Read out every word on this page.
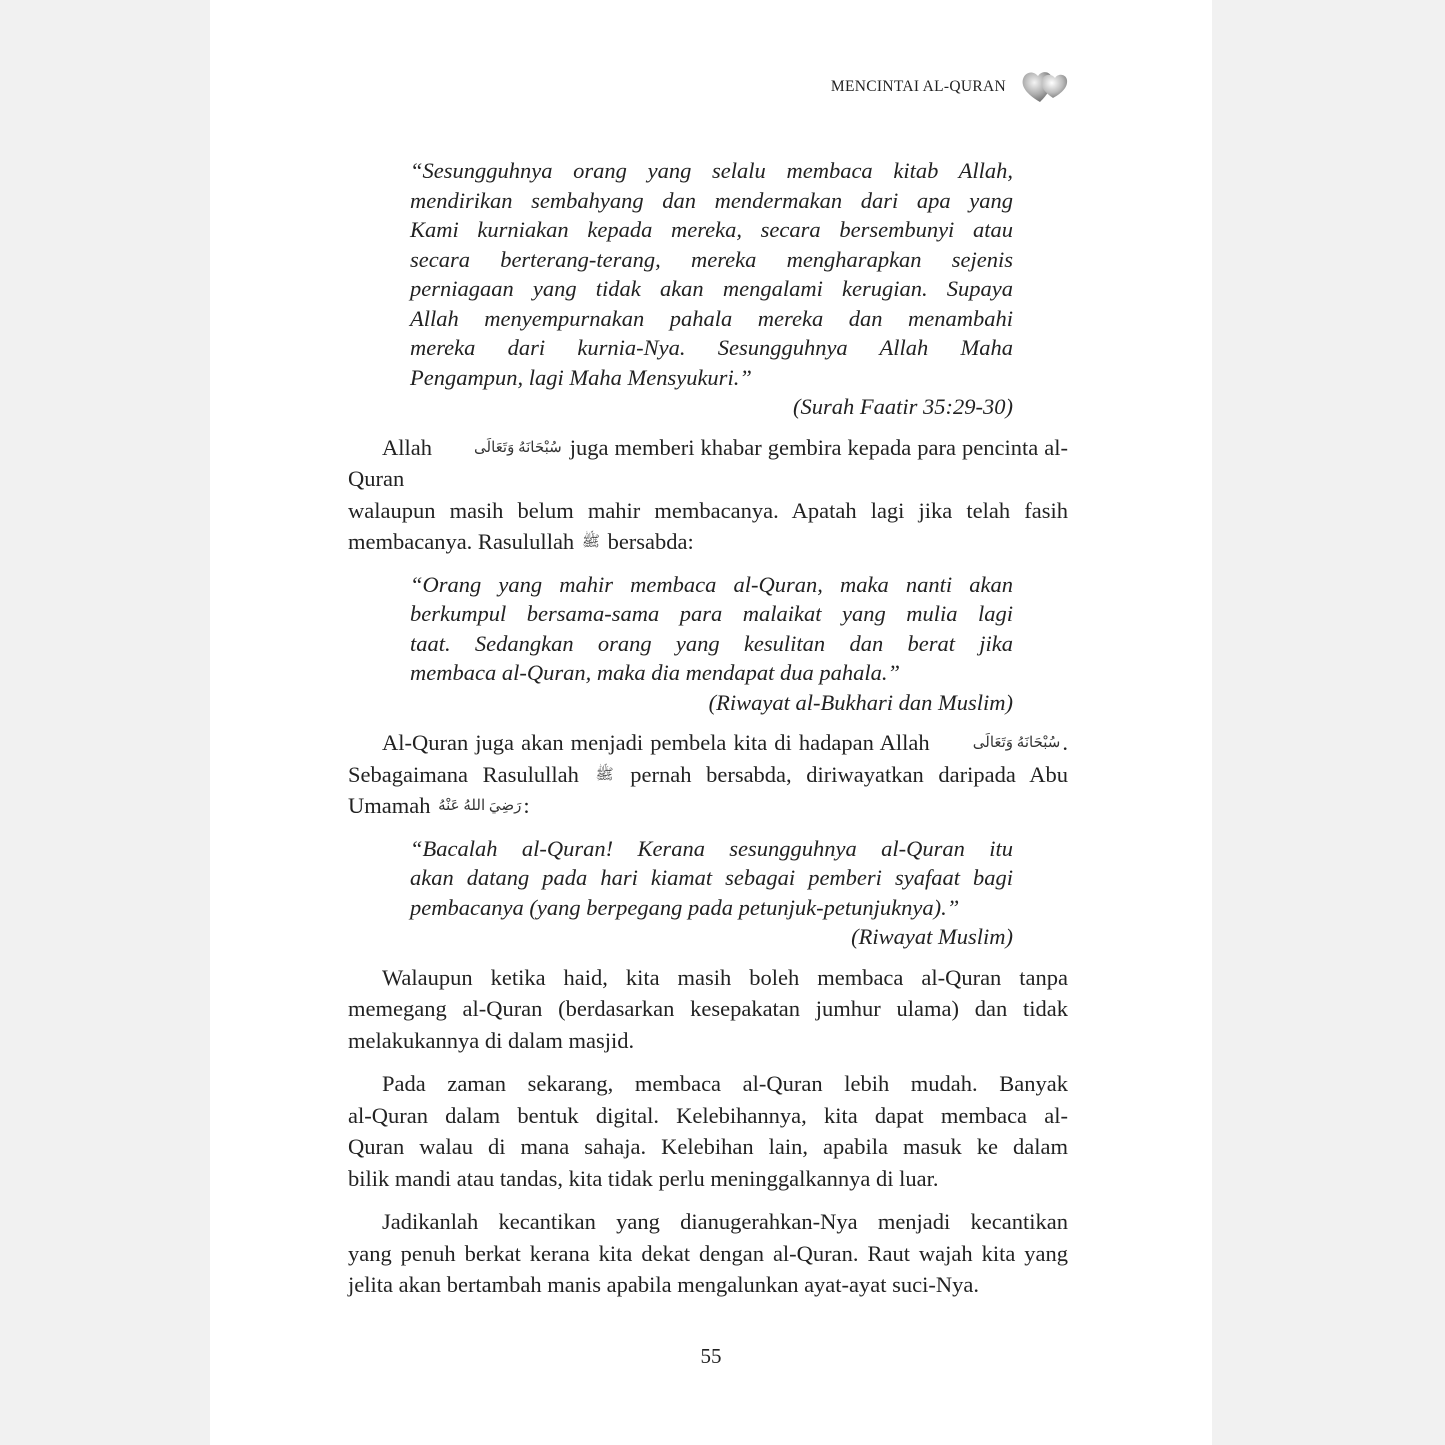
MENCINTAI AL-QURAN
“Sesungguhnya orang yang selalu membaca kitab Allah,
mendirikan sembahyang dan mendermakan dari apa yang
Kami kurniakan kepada mereka, secara bersembunyi atau
secara berterang-terang, mereka mengharapkan sejenis
perniagaan yang tidak akan mengalami kerugian. Supaya
Allah menyempurnakan pahala mereka dan menambahi
mereka dari kurnia-Nya. Sesungguhnya Allah Maha
Pengampun, lagi Maha Mensyukuri.”
(Surah Faatir 35:29-30)
Allah	سُبْحَانَهُ وَتَعَالَى juga memberi khabar gembira kepada para pencinta al-Quran
walaupun masih belum mahir membacanya. Apatah lagi jika telah fasih
membacanya. Rasulullah ﷺ bersabda:
“Orang yang mahir membaca al-Quran, maka nanti akan
berkumpul bersama-sama para malaikat yang mulia lagi
taat. Sedangkan orang yang kesulitan dan berat jika
membaca al-Quran, maka dia mendapat dua pahala.”
(Riwayat al-Bukhari dan Muslim)
Al-Quran juga akan menjadi pembela kita di hadapan Allah	سُبْحَانَهُ وَتَعَالَى.
Sebagaimana Rasulullah ﷺ pernah bersabda, diriwayatkan daripada Abu
Umamah رَضِيَ اللهُ عَنْهُ:
“Bacalah al-Quran! Kerana sesungguhnya al-Quran itu
akan datang pada hari kiamat sebagai pemberi syafaat bagi
pembacanya (yang berpegang pada petunjuk-petunjuknya).”
(Riwayat Muslim)
Walaupun ketika haid, kita masih boleh membaca al-Quran tanpa
memegang al-Quran (berdasarkan kesepakatan jumhur ulama) dan tidak
melakukannya di dalam masjid.
Pada zaman sekarang, membaca al-Quran lebih mudah. Banyak
al-Quran dalam bentuk digital. Kelebihannya, kita dapat membaca al-
Quran walau di mana sahaja. Kelebihan lain, apabila masuk ke dalam
bilik mandi atau tandas, kita tidak perlu meninggalkannya di luar.
Jadikanlah kecantikan yang dianugerahkan-Nya menjadi kecantikan
yang penuh berkat kerana kita dekat dengan al-Quran. Raut wajah kita yang
jelita akan bertambah manis apabila mengalunkan ayat-ayat suci-Nya.
55
